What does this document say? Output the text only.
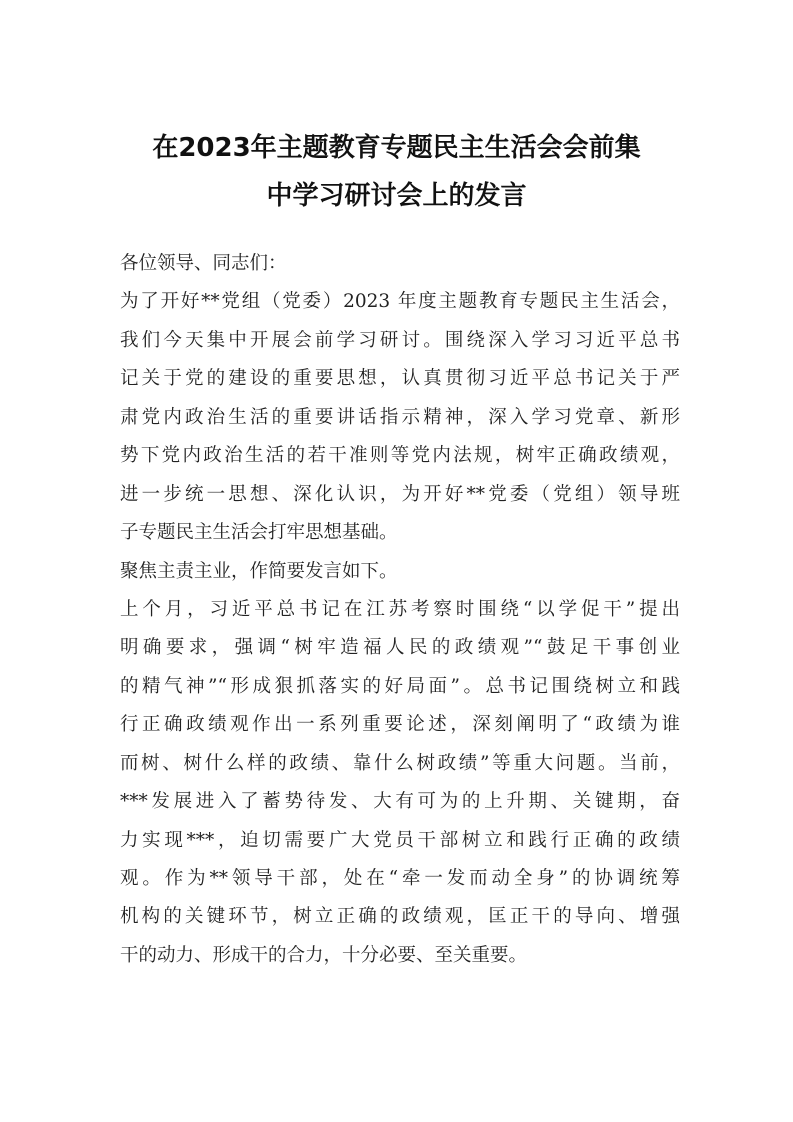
在2023年主题教育专题民主生活会会前集
中学习研讨会上的发言
各位领导、同志们：
为了开好**党组（党委）2023 年度主题教育专题民主生活会，
我们今天集中开展会前学习研讨。围绕深入学习习近平总书
记关于党的建设的重要思想，认真贯彻习近平总书记关于严
肃党内政治生活的重要讲话指示精神，深入学习党章、新形
势下党内政治生活的若干准则等党内法规，树牢正确政绩观，
进一步统一思想、深化认识，为开好**党委（党组）领导班
子专题民主生活会打牢思想基础。
聚焦主责主业，作简要发言如下。
上个月，习近平总书记在江苏考察时围绕“以学促干”提出
明确要求，强调“树牢造福人民的政绩观”“鼓足干事创业
的精气神”“形成狠抓落实的好局面”。总书记围绕树立和践
行正确政绩观作出一系列重要论述，深刻阐明了“政绩为谁
而树、树什么样的政绩、靠什么树政绩”等重大问题。当前，
***发展进入了蓄势待发、大有可为的上升期、关键期，奋
力实现***，迫切需要广大党员干部树立和践行正确的政绩
观。作为**领导干部，处在“牵一发而动全身”的协调统筹
机构的关键环节，树立正确的政绩观，匡正干的导向、增强
干的动力、形成干的合力，十分必要、至关重要。
